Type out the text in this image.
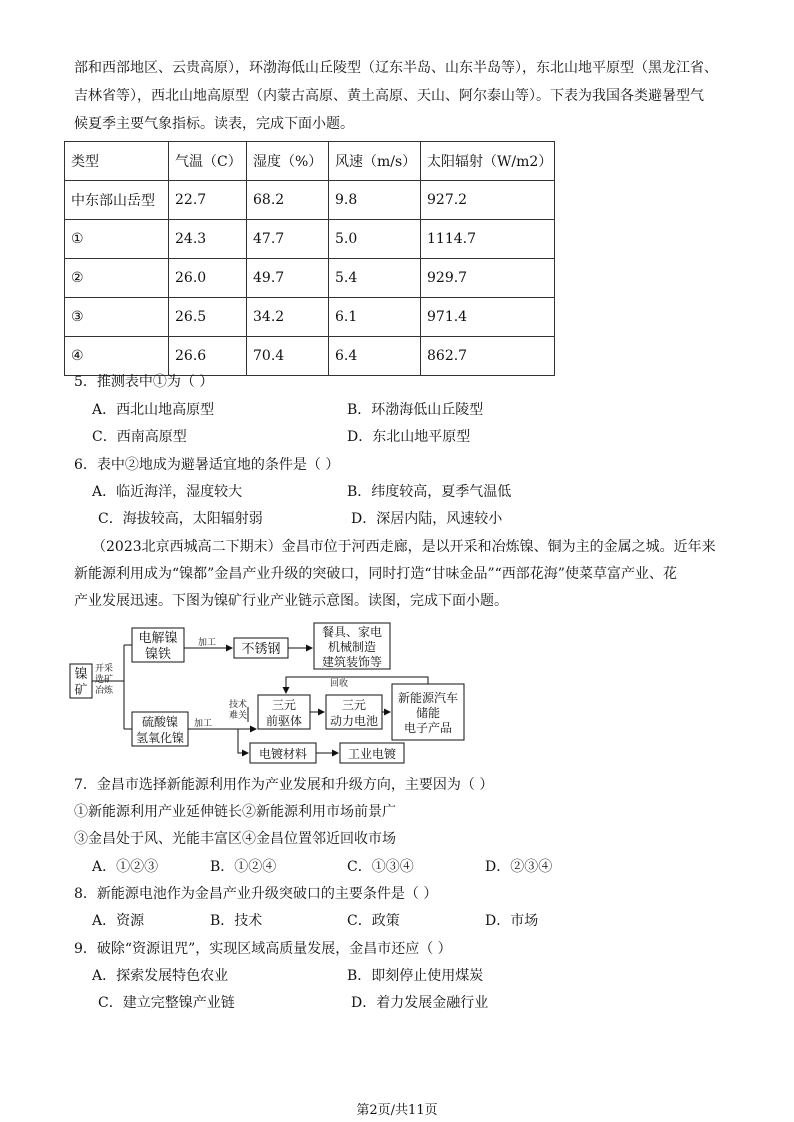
部和西部地区、云贵高原），环渤海低山丘陵型（辽东半岛、山东半岛等），东北山地平原型（黑龙江省、
吉林省等），西北山地高原型（内蒙古高原、黄土高原、天山、阿尔泰山等）。下表为我国各类避暑型气
候夏季主要气象指标。读表，完成下面小题。
类型	气温（C）	湿度（%）	风速（m/s）	太阳辐射（W/m2）
中东部山岳型	22.7	68.2	9.8	927.2
①	24.3	47.7	5.0	1114.7
②	26.0	49.7	5.4	929.7
③	26.5	34.2	6.1	971.4
④	26.6	70.4	6.4	862.7
5．推测表中①为（ ）
A．西北山地高原型	B．环渤海低山丘陵型
C．西南高原型	D．东北山地平原型
6．表中②地成为避暑适宜地的条件是（ ）
A．临近海洋，湿度较大	B．纬度较高，夏季气温低
C．海拔较高，太阳辐射弱	D．深居内陆，风速较小
（2023北京西城高二下期末）金昌市位于河西走廊，是以开采和冶炼镍、铜为主的金属之城。近年来
新能源利用成为“镍都”金昌产业升级的突破口，同时打造“甘味金品”“西部花海”使菜草富产业、花
产业发展迅速。下图为镍矿行业产业链示意图。读图，完成下面小题。
镍
矿
电解镍
镍铁	不锈钢
餐具、家电
机械制造
建筑装饰等
硫酸镍
氢氧化镍
三元
前驱体
三元
动力电池
新能源汽车
储能
电子产品
电镀材料	工业电镀
开采
选矿
冶炼
加工
加工
技术
难关
回收
7．金昌市选择新能源利用作为产业发展和升级方向，主要因为（ ）
①新能源利用产业延伸链长②新能源利用市场前景广
③金昌处于风、光能丰富区④金昌位置邻近回收市场
A．①②③	B．①②④	C．①③④	D．②③④
8．新能源电池作为金昌产业升级突破口的主要条件是（ ）
A．资源	B．技术	C．政策	D．市场
9．破除“资源诅咒”，实现区域高质量发展，金昌市还应（ ）
A．探索发展特色农业	B．即刻停止使用煤炭
C．建立完整镍产业链	D．着力发展金融行业
第2页/共11页
